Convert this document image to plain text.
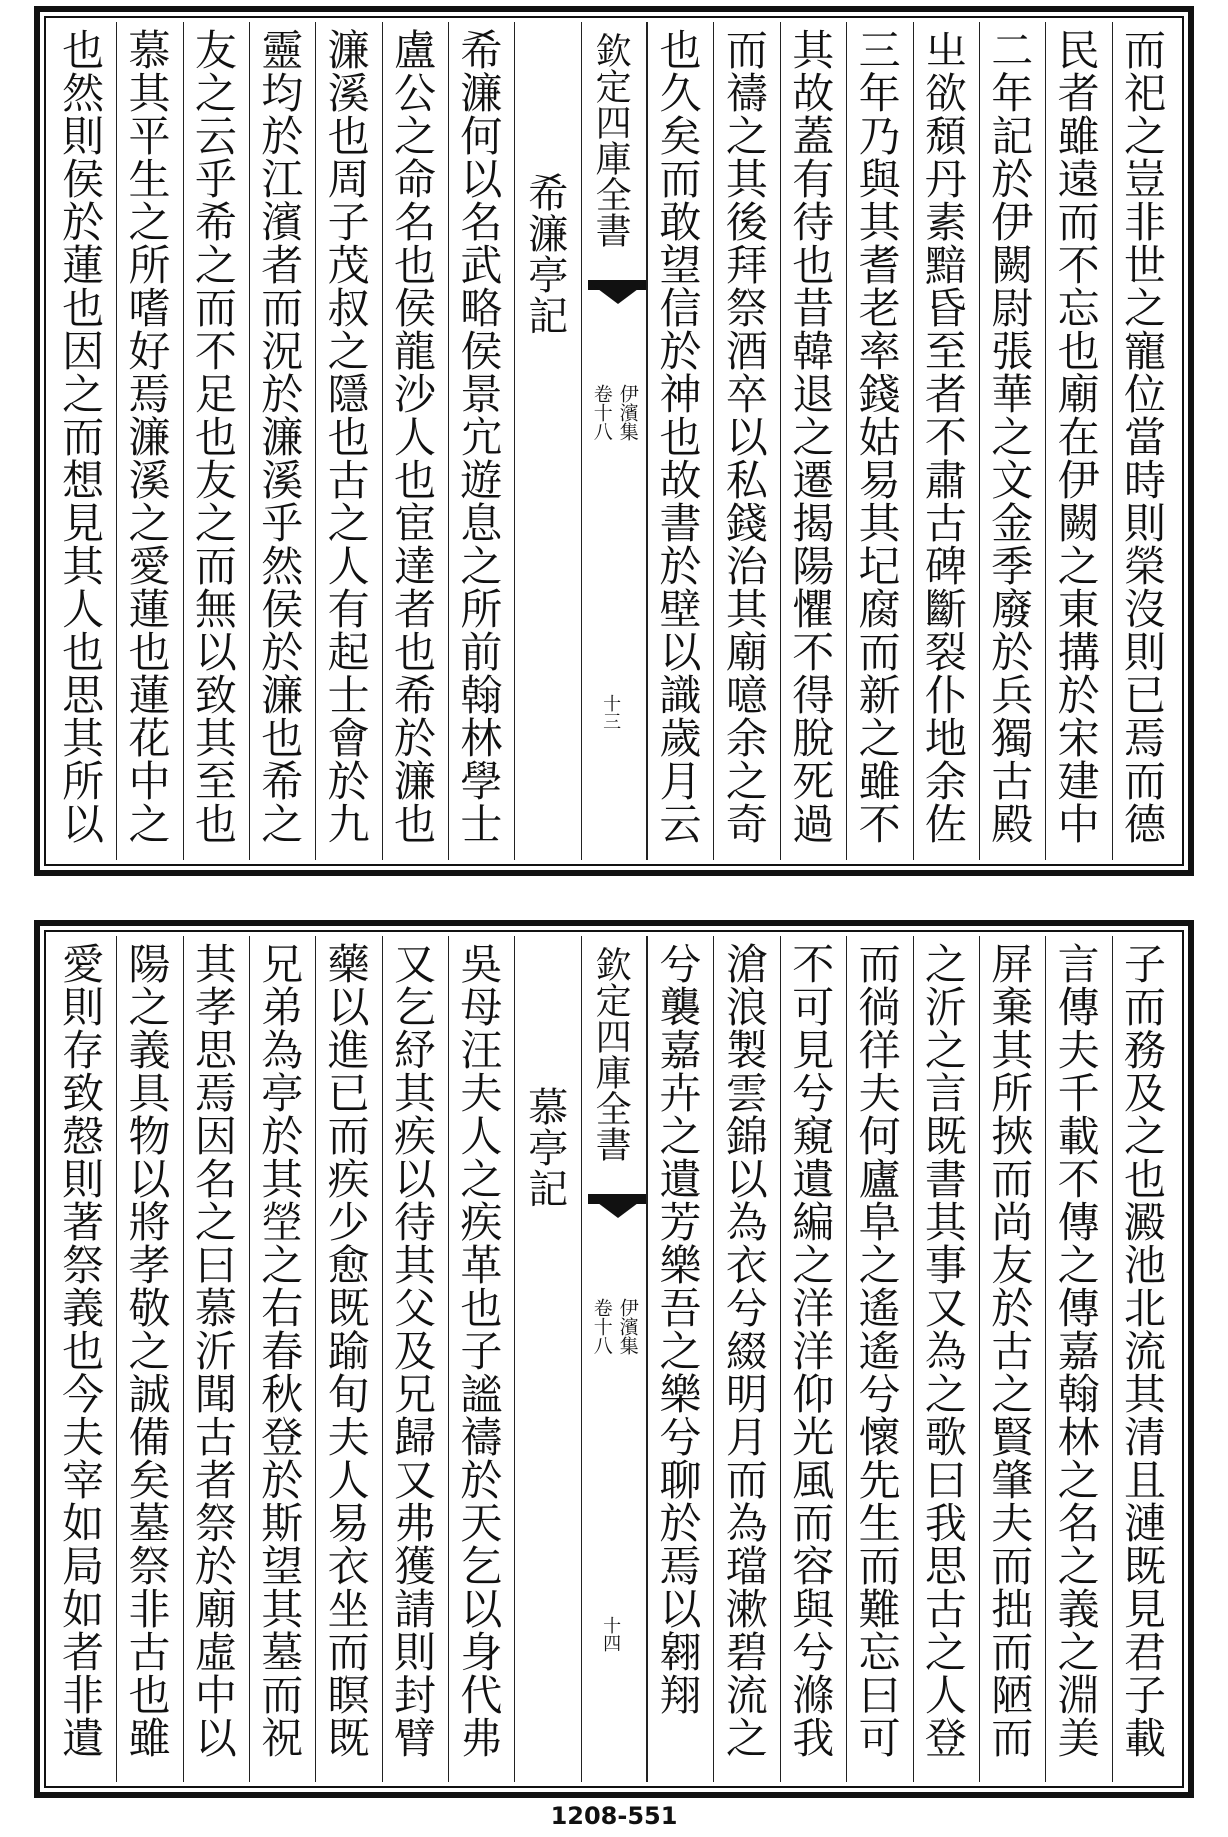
而祀之豈非世之寵位當時則榮沒則已焉而德
民者雖遠而不忘也廟在伊闕之東搆於宋建中
二年記於伊闕尉張華之文金季廢於兵獨古殿
㞢欲頹丹素黯昏至者不肅古碑斷裂仆地余佐
三年乃與其耆老率錢姑易其圮腐而新之雖不
其故蓋有待也昔韓退之遷揭陽懼不得脫死過
而禱之其後拜祭酒卒以私錢治其廟噫余之奇
也久矣而敢望信於神也故書於壁以識歲月云
欽定四庫全書
伊濱集
卷十八
十三
希濂亭記
希濂何以名武略侯景宂遊息之所前翰林學士
盧公之命名也侯龍沙人也宦達者也希於濂也
濂溪也周子茂叔之隱也古之人有起士會於九
靈均於江濱者而況於濂溪乎然侯於濂也希之
友之云乎希之而不足也友之而無以致其至也
慕其平生之所嗜好焉濂溪之愛蓮也蓮花中之
也然則侯於蓮也因之而想見其人也思其所以
子而務及之也澱池北流其清且漣既見君子載
言傳夫千載不傳之傳嘉翰林之名之義之淵美
屏棄其所挾而尚友於古之賢肇夫而拙而陋而
之沂之言既書其事又為之歌曰我思古之人登
而徜徉夫何廬阜之遙遙兮懷先生而難忘曰可
不可見兮窺遺編之洋洋仰光風而容與兮滌我
滄浪製雲錦以為衣兮綴明月而為璫漱碧流之
兮襲嘉卉之遺芳樂吾之樂兮聊於焉以翱翔
欽定四庫全書
伊濱集
卷十八
十四
慕亭記
吳母汪夫人之疾革也子謐禱於天乞以身代弗
又乞紓其疾以待其父及兄歸又弗獲請則封臂
藥以進已而疾少愈既踰旬夫人易衣坐而瞑既
兄弟為亭於其塋之右春秋登於斯望其墓而祝
其孝思焉因名之曰慕沂聞古者祭於廟虛中以
陽之義具物以將孝敬之誠備矣墓祭非古也雖
愛則存致慤則著祭義也今夫宰如局如者非遺
1208-551
